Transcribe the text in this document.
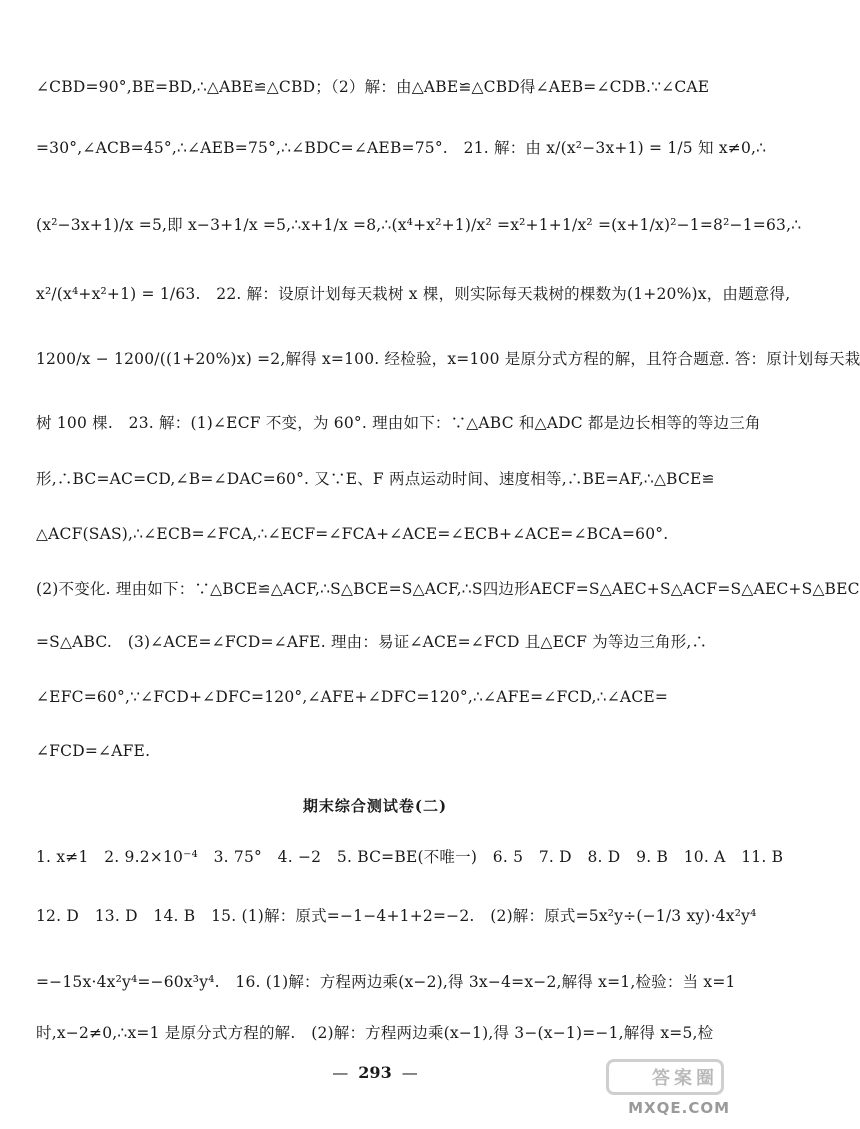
∠CBD=90°,BE=BD,∴△ABE≌△CBD；（2）解：由△ABE≌△CBD得∠AEB=∠CDB.∵∠CAE
=30°,∠ACB=45°,∴∠AEB=75°,∴∠BDC=∠AEB=75°.　21. 解：由 x/(x²−3x+1) = 1/5 知 x≠0,∴
(x²−3x+1)/x =5,即 x−3+1/x =5,∴x+1/x =8,∴(x⁴+x²+1)/x² =x²+1+1/x² =(x+1/x)²−1=8²−1=63,∴
x²/(x⁴+x²+1) = 1/63.　22. 解：设原计划每天栽树 x 棵，则实际每天栽树的棵数为(1+20%)x，由题意得,
1200/x − 1200/((1+20%)x) =2,解得 x=100. 经检验，x=100 是原分式方程的解，且符合题意. 答：原计划每天栽
树 100 棵.　23. 解：(1)∠ECF 不变，为 60°. 理由如下：∵△ABC 和△ADC 都是边长相等的等边三角
形,∴BC=AC=CD,∠B=∠DAC=60°. 又∵E、F 两点运动时间、速度相等,∴BE=AF,∴△BCE≌
△ACF(SAS),∴∠ECB=∠FCA,∴∠ECF=∠FCA+∠ACE=∠ECB+∠ACE=∠BCA=60°.
(2)不变化. 理由如下：∵△BCE≌△ACF,∴S△BCE=S△ACF,∴S四边形AECF=S△AEC+S△ACF=S△AEC+S△BEC
=S△ABC.　(3)∠ACE=∠FCD=∠AFE. 理由：易证∠ACE=∠FCD 且△ECF 为等边三角形,∴
∠EFC=60°,∵∠FCD+∠DFC=120°,∠AFE+∠DFC=120°,∴∠AFE=∠FCD,∴∠ACE=
∠FCD=∠AFE.
期末综合测试卷(二)
1. x≠1　2. 9.2×10⁻⁴　3. 75°　4. −2　5. BC=BE(不唯一)　6. 5　7. D　8. D　9. B　10. A　11. B
12. D　13. D　14. B　15. (1)解：原式=−1−4+1+2=−2.　(2)解：原式=5x²y÷(−1/3 xy)·4x²y⁴
=−15x·4x²y⁴=−60x³y⁴.　16. (1)解：方程两边乘(x−2),得 3x−4=x−2,解得 x=1,检验：当 x=1
时,x−2≠0,∴x=1 是原分式方程的解.　(2)解：方程两边乘(x−1),得 3−(x−1)=−1,解得 x=5,检
— 293 —	答案圈
MXQE.COM
